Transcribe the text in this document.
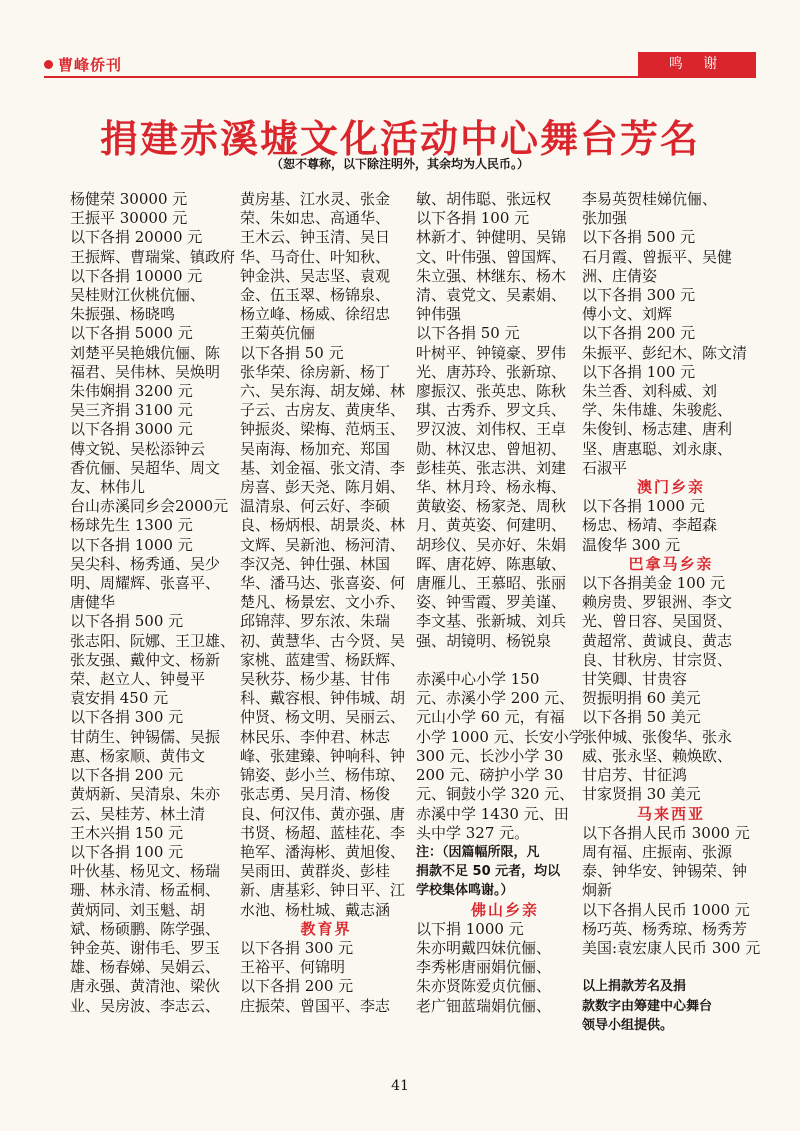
曹峰侨刊	鸣 谢
捐建赤溪墟文化活动中心舞台芳名
（恕不尊称，以下除注明外，其余均为人民币。）
杨健荣 30000 元
王振平 30000 元
以下各捐 20000 元
王振辉、曹瑞棠、镇政府
以下各捐 10000 元
吴桂财江伙桃伉俪、
朱振强、杨晓鸣
以下各捐 5000 元
刘楚平吴艳娥伉俪、陈
福君、吴伟林、吴焕明
朱伟娴捐 3200 元
吴三齐捐 3100 元
以下各捐 3000 元
傅文锐、吴松添钟云
香伉俪、吴超华、周文
友、林伟儿
台山赤溪同乡会2000元
杨球先生 1300 元
以下各捐 1000 元
吴尖科、杨秀通、吴少
明、周耀辉、张喜平、
唐健华
以下各捐 500 元
张志阳、阮娜、王卫雄、
张友强、戴仲文、杨新
荣、赵立人、钟曼平
袁安捐 450 元
以下各捐 300 元
甘荫生、钟锡儒、吴振
惠、杨家顺、黄伟文
以下各捐 200 元
黄炳新、吴清泉、朱亦
云、吴桂芳、林土清
王木兴捐 150 元
以下各捐 100 元
叶伙基、杨见文、杨瑞
珊、林永清、杨孟桐、
黄炳同、刘玉魁、胡
斌、杨硕鹏、陈学强、
钟金英、谢伟毛、罗玉
雄、杨春娣、吴娟云、
唐永强、黄清池、梁伙
业、吴房波、李志云、
黄房基、江水灵、张金
荣、朱如忠、高通华、
王木云、钟玉清、吴日
华、马奇仕、叶知秋、
钟金洪、吴志坚、袁观
金、伍玉翠、杨锦泉、
杨立峰、杨威、徐绍忠
王菊英伉俪
以下各捐 50 元
张华荣、徐房新、杨丁
六、吴东海、胡友娣、林
子云、古房友、黄庚华、
钟振炎、梁梅、范炳玉、
吴南海、杨加充、郑国
基、刘金福、张文清、李
房喜、彭天尧、陈月娟、
温清泉、何云好、李硕
良、杨炳根、胡景炎、林
文辉、吴新池、杨河清、
李汉尧、钟仕强、林国
华、潘马达、张喜姿、何
楚凡、杨景宏、文小乔、
邱锦萍、罗东浓、朱瑞
初、黄慧华、古今贤、吴
家桃、蓝建雪、杨跃辉、
吴秋芬、杨少基、甘伟
科、戴容根、钟伟城、胡
仲贤、杨文明、吴丽云、
林民乐、李仲君、林志
峰、张建臻、钟响科、钟
锦姿、彭小兰、杨伟琼、
张志勇、吴月清、杨俊
良、何汉伟、黄亦强、唐
书贤、杨超、蓝桂花、李
艳军、潘海彬、黄旭俊、
吴雨田、黄群炎、彭桂
新、唐基彩、钟日平、江
水池、杨杜城、戴志涵
教育界
以下各捐 300 元
王裕平、何锦明
以下各捐 200 元
庄振荣、曾国平、李志
敏、胡伟聪、张远权
以下各捐 100 元
林新才、钟健明、吴锦
文、叶伟强、曾国辉、
朱立强、林继东、杨木
清、袁党文、吴素娟、
钟伟强
以下各捐 50 元
叶树平、钟镜豪、罗伟
光、唐苏玲、张新琼、
廖振汉、张英忠、陈秋
琪、古秀乔、罗文兵、
罗汉波、刘伟权、王卓
勋、林汉忠、曾旭初、
彭桂英、张志洪、刘建
华、林月玲、杨永梅、
黄敏姿、杨家尧、周秋
月、黄英姿、何建明、
胡珍仪、吴亦好、朱娟
晖、唐花婷、陈惠敏、
唐雁儿、王慕昭、张丽
姿、钟雪霞、罗美谨、
李文基、张新城、刘兵
强、胡镜明、杨锐泉

赤溪中心小学 150
元、赤溪小学 200 元、
元山小学 60 元，有福
小学 1000 元、长安小学
300 元、长沙小学 30
200 元、磅护小学 30
元、铜鼓小学 320 元、
赤溪中学 1430 元、田
头中学 327 元。
注：（因篇幅所限，凡
捐款不足 50 元者，均以
学校集体鸣谢。）
佛山乡亲
以下捐 1000 元
朱亦明戴四妹伉俪、
李秀彬唐丽娟伉俪、
朱亦贤陈爱贞伉俪、
老广钿蓝瑞娟伉俪、
李易英贺桂娣伉俪、
张加强
以下各捐 500 元
石月霞、曾振平、吴健
洲、庄倩姿
以下各捐 300 元
傅小文、刘辉
以下各捐 200 元
朱振平、彭纪木、陈文清
以下各捐 100 元
朱兰香、刘科威、刘
学、朱伟雄、朱骏彪、
朱俊钊、杨志建、唐利
坚、唐惠聪、刘永康、
石淑平
澳门乡亲
以下各捐 1000 元
杨忠、杨靖、李超森
温俊华 300 元
巴拿马乡亲
以下各捐美金 100 元
赖房贵、罗银洲、李文
光、曾日容、吴国贤、
黄超常、黄诚良、黄志
良、甘秋房、甘宗贤、
甘笑卿、甘贵容
贺振明捐 60 美元
以下各捐 50 美元
张仲城、张俊华、张永
威、张永坚、赖焕欧、
甘启芳、甘征鸿
甘家贤捐 30 美元
马来西亚
以下各捐人民币 3000 元
周有福、庄振南、张源
泰、钟华安、钟锡荣、钟
炯新
以下各捐人民币 1000 元
杨巧英、杨秀琼、杨秀芳
美国:袁宏康人民币 300 元

以上捐款芳名及捐
款数字由筹建中心舞台
领导小组提供。
41
